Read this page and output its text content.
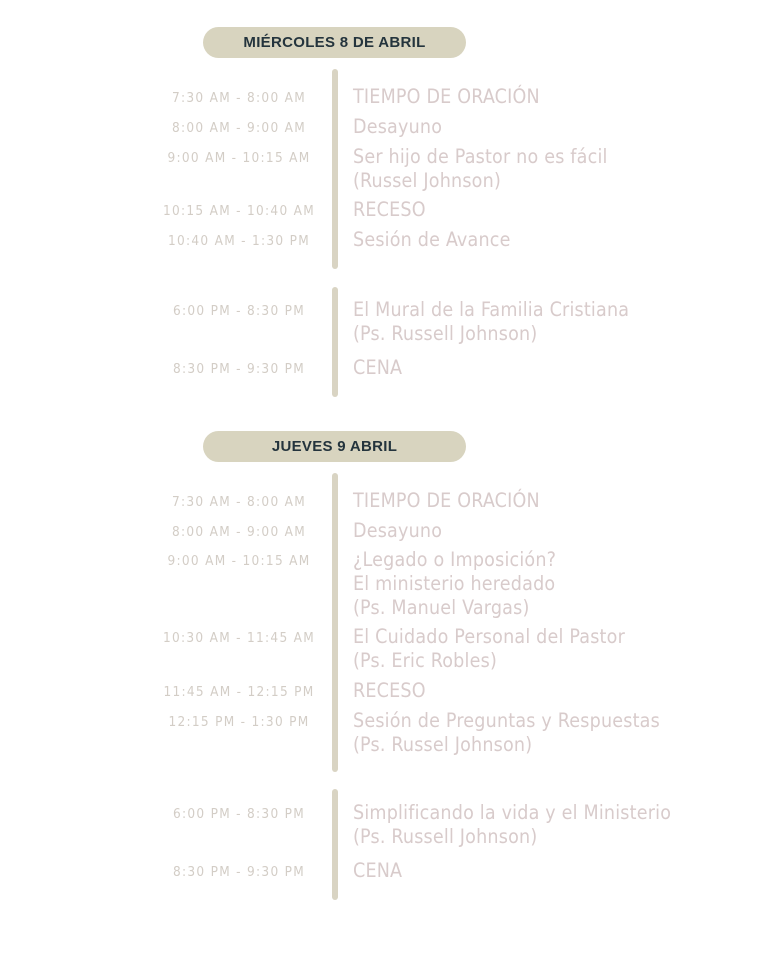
MIÉRCOLES 8 DE ABRIL
7:30 AM - 8:00 AM	TIEMPO DE ORACIÓN
8:00 AM - 9:00 AM	Desayuno
9:00 AM - 10:15 AM	Ser hijo de Pastor no es fácil
(Russel Johnson)
10:15 AM - 10:40 AM	RECESO
10:40 AM - 1:30 PM	Sesión de Avance
6:00 PM - 8:30 PM	El Mural de la Familia Cristiana
(Ps. Russell Johnson)
8:30 PM - 9:30 PM	CENA
JUEVES 9 ABRIL
7:30 AM - 8:00 AM	TIEMPO DE ORACIÓN
8:00 AM - 9:00 AM	Desayuno
9:00 AM - 10:15 AM	¿Legado o Imposición?
El ministerio heredado
(Ps. Manuel Vargas)
10:30 AM - 11:45 AM	El Cuidado Personal del Pastor
(Ps. Eric Robles)
11:45 AM - 12:15 PM	RECESO
12:15 PM - 1:30 PM	Sesión de Preguntas y Respuestas
(Ps. Russel Johnson)
6:00 PM - 8:30 PM	Simplificando la vida y el Ministerio
(Ps. Russell Johnson)
8:30 PM - 9:30 PM	CENA
